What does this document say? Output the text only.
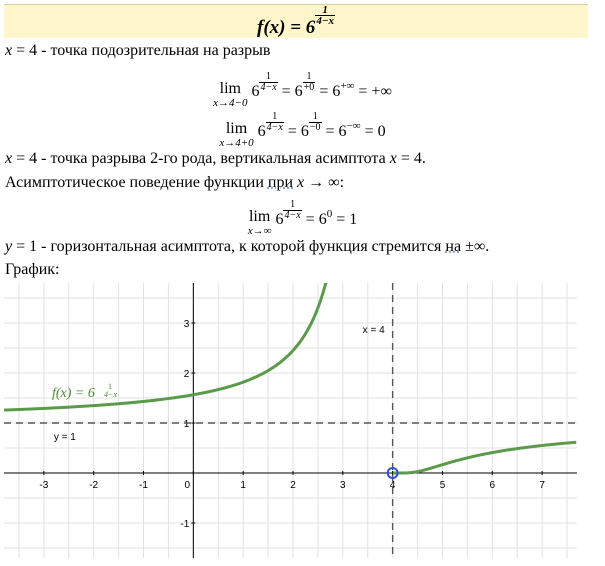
f(x) = 6
$\frac{1}{4-x}$
x = 4 - точка подозрительная на разрыв
lim
x→4−0
$6 \frac{1}{4-x} = 6 \frac{1}{+0} = 6^{+\infty}$ = +∞
lim
x→4+0
$6 \frac{1}{4-x} = 6 \frac{1}{-0} = 6^{-\infty} = 0$
x = 4 - точка разрыва 2-го рода, вертикальная асимптота x = 4.
Асимптотическое поведение функции при x → ∞:
lim
x→∞
$6 \frac{1}{4-x} = 6^0 = 1$
y = 1 - горизонтальная асимптота, к которой функция стремится на ±∞.
График:
-3	-2	-1	0	1	2	3	4	5	6	7
-1
1
2
3
x = 4
y = 1
f(x) = 6 1
4−x
